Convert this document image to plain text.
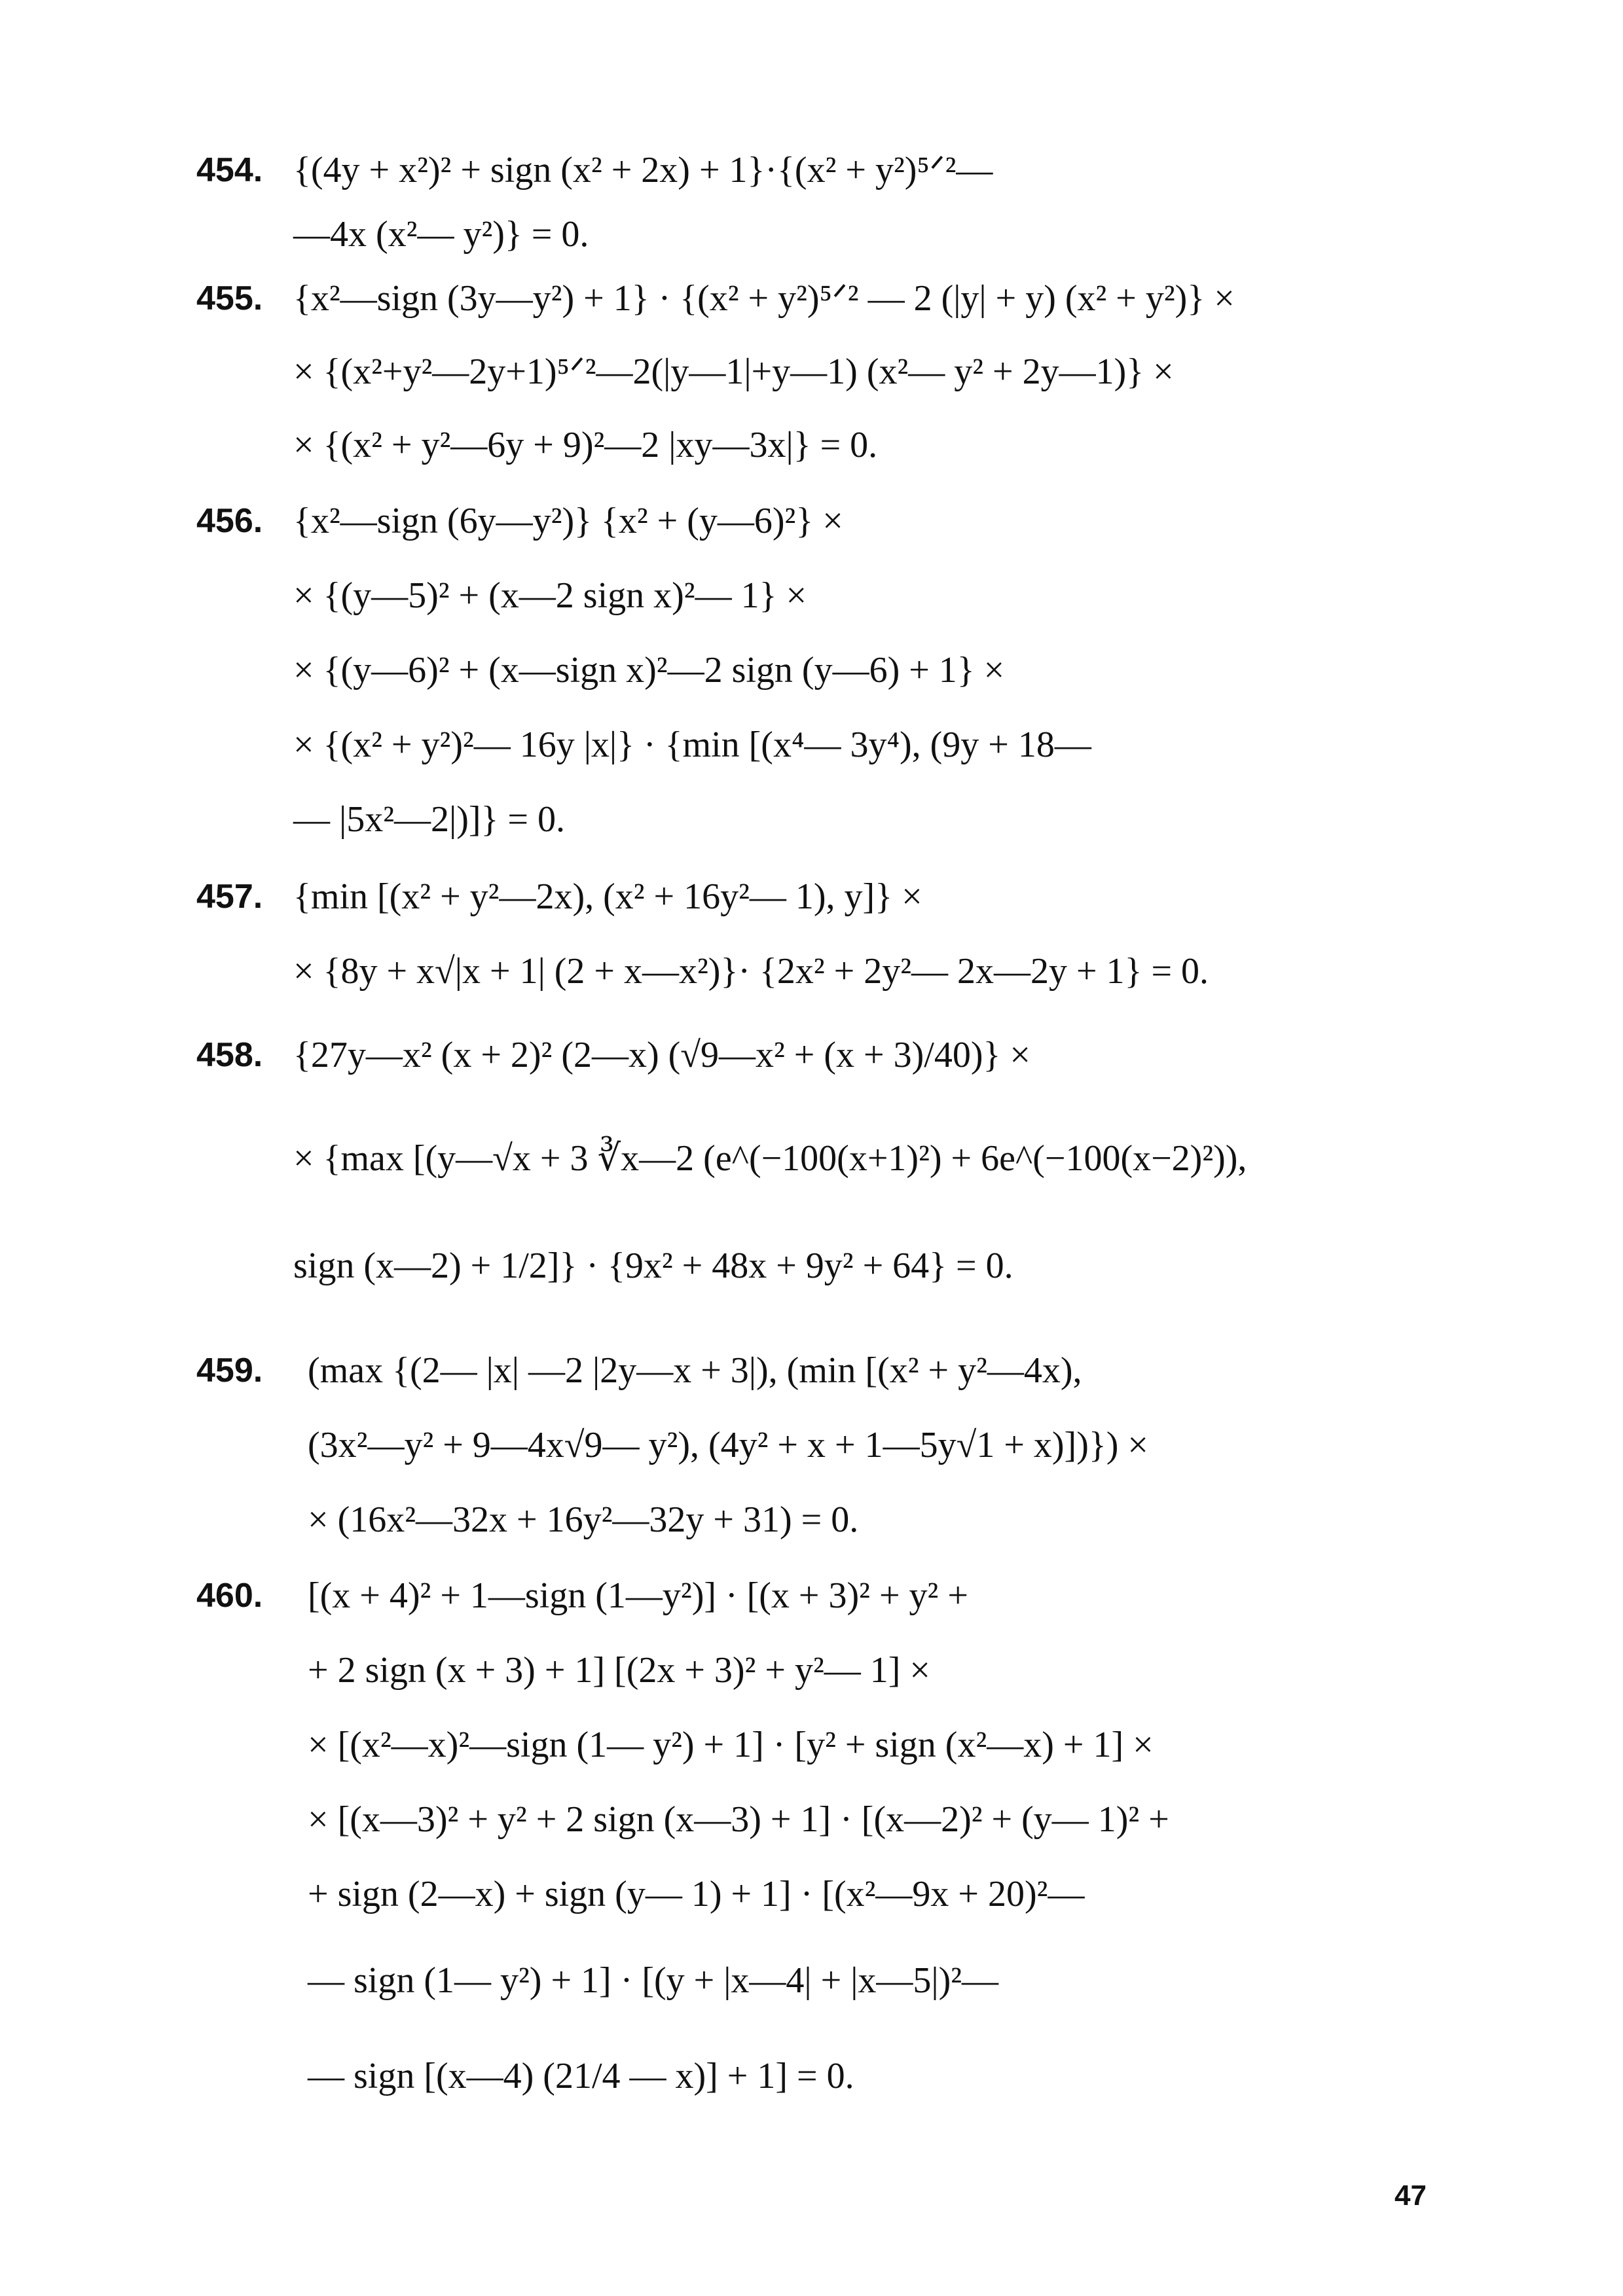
454. {(4y + x²)² + sign (x² + 2x) + 1}·{(x² + y²)⁵ᐟ²—
—4x (x²— y²)} = 0.
455. {x²—sign (3y—y²) + 1} · {(x² + y²)⁵ᐟ² — 2 (|y| + y) (x² + y²)} ×
× {(x²+y²—2y+1)⁵ᐟ²—2(|y—1|+y—1) (x²— y² + 2y—1)} ×
× {(x² + y²—6y + 9)²—2 |xy—3x|} = 0.
456. {x²—sign (6y—y²)} {x² + (y—6)²} ×
× {(y—5)² + (x—2 sign x)²— 1} ×
× {(y—6)² + (x—sign x)²—2 sign (y—6) + 1} ×
× {(x² + y²)²— 16y |x|} · {min [(x⁴— 3y⁴), (9y + 18—
— |5x²—2|)]} = 0.
457. {min [(x² + y²—2x), (x² + 16y²— 1), y]} ×
× {8y + x√|x + 1| (2 + x—x²)}· {2x² + 2y²— 2x—2y + 1} = 0.
458. {27y—x² (x + 2)² (2—x) (√9—x² + (x + 3)/40)} ×
× {max [(y—√x + 3 ∛x—2 (e^(−100(x+1)²) + 6e^(−100(x−2)²)),
sign (x—2) + 1/2]} · {9x² + 48x + 9y² + 64} = 0.
459. (max {(2— |x| —2 |2y—x + 3|), (min [(x² + y²—4x),
(3x²—y² + 9—4x√9— y²), (4y² + x + 1—5y√1 + x)])}) ×
× (16x²—32x + 16y²—32y + 31) = 0.
460. [(x + 4)² + 1—sign (1—y²)] · [(x + 3)² + y² +
+ 2 sign (x + 3) + 1] [(2x + 3)² + y²— 1] ×
× [(x²—x)²—sign (1— y²) + 1] · [y² + sign (x²—x) + 1] ×
× [(x—3)² + y² + 2 sign (x—3) + 1] · [(x—2)² + (y— 1)² +
+ sign (2—x) + sign (y— 1) + 1] · [(x²—9x + 20)²—
— sign (1— y²) + 1] · [(y + |x—4| + |x—5|)²—
— sign [(x—4) (21/4 — x)] + 1] = 0.
47
